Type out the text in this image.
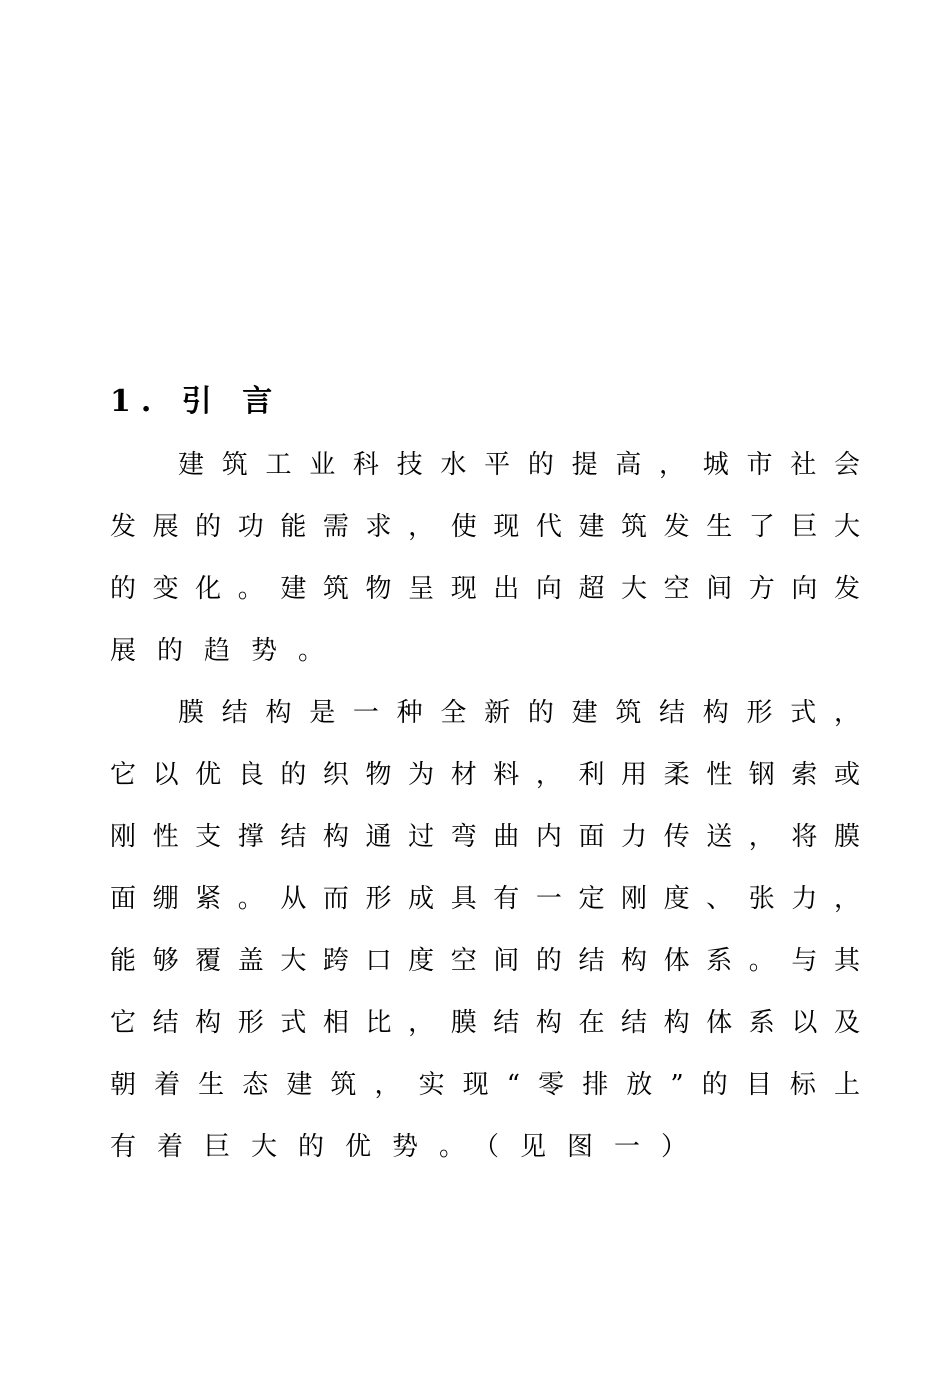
1. 引 言
建筑工业科技水平的提高，城市社会
发展的功能需求，使现代建筑发生了巨大
的变化。建筑物呈现出向超大空间方向发
展的趋势。
膜结构是一种全新的建筑结构形式，
它以优良的织物为材料，利用柔性钢索或
刚性支撑结构通过弯曲内面力传送，将膜
面绷紧。从而形成具有一定刚度、张力，
能够覆盖大跨口度空间的结构体系。与其
它结构形式相比，膜结构在结构体系以及
朝着生态建筑，实现“零排放”的目标上
有着巨大的优势。（见图一）
